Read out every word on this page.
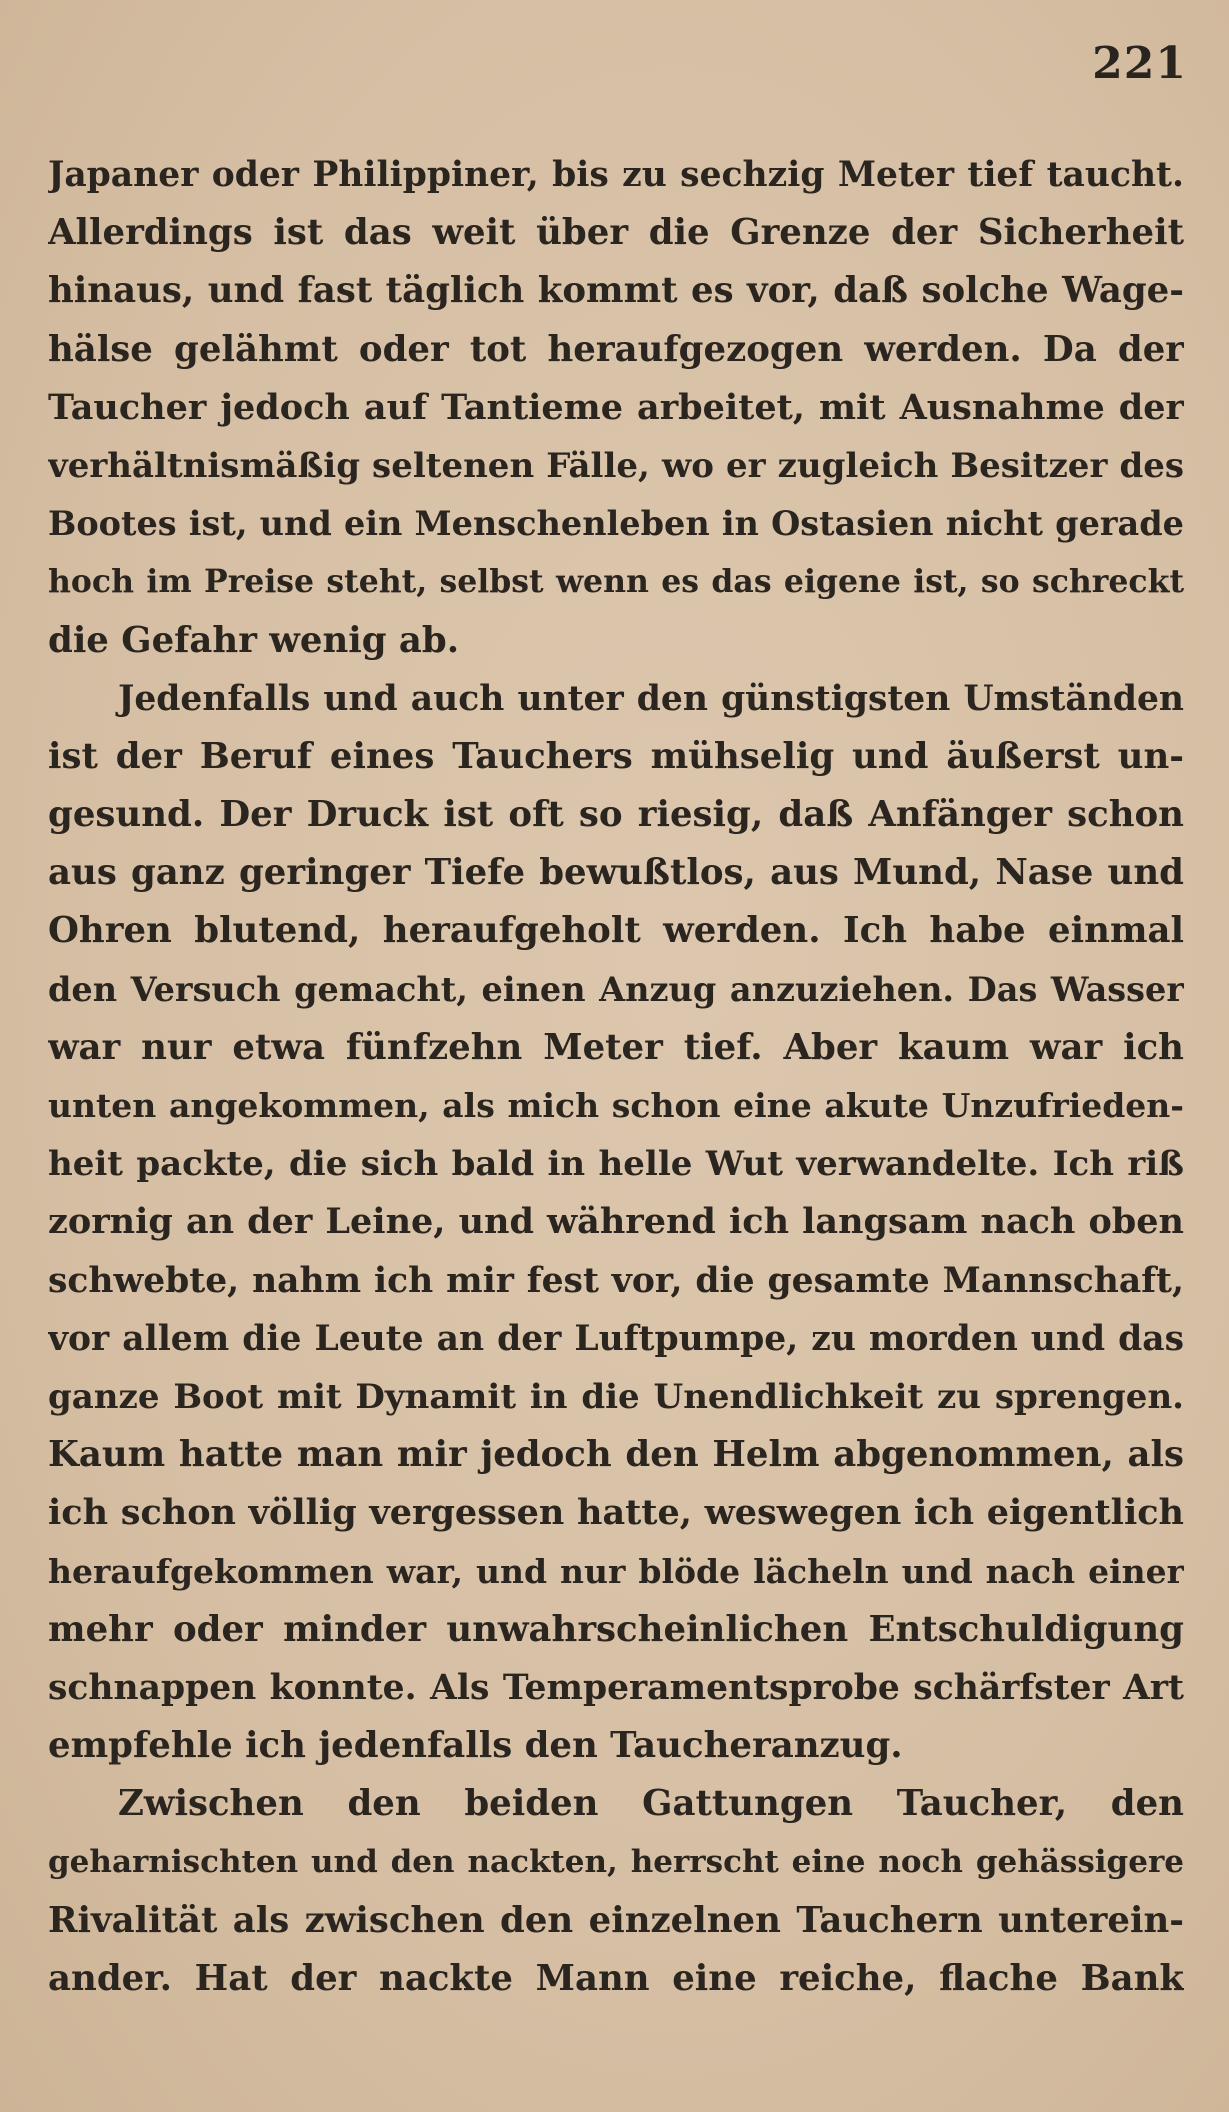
221
Japaner oder Philippiner, bis zu sechzig Meter tief taucht.
Allerdings ist das weit über die Grenze der Sicherheit
hinaus, und fast täglich kommt es vor, daß solche Wage-
hälse gelähmt oder tot heraufgezogen werden. Da der
Taucher jedoch auf Tantieme arbeitet, mit Ausnahme der
verhältnismäßig seltenen Fälle, wo er zugleich Besitzer des
Bootes ist, und ein Menschenleben in Ostasien nicht gerade
hoch im Preise steht, selbst wenn es das eigene ist, so schreckt
die Gefahr wenig ab.
Jedenfalls und auch unter den günstigsten Umständen
ist der Beruf eines Tauchers mühselig und äußerst un-
gesund. Der Druck ist oft so riesig, daß Anfänger schon
aus ganz geringer Tiefe bewußtlos, aus Mund, Nase und
Ohren blutend, heraufgeholt werden. Ich habe einmal
den Versuch gemacht, einen Anzug anzuziehen. Das Wasser
war nur etwa fünfzehn Meter tief. Aber kaum war ich
unten angekommen, als mich schon eine akute Unzufrieden-
heit packte, die sich bald in helle Wut verwandelte. Ich riß
zornig an der Leine, und während ich langsam nach oben
schwebte, nahm ich mir fest vor, die gesamte Mannschaft,
vor allem die Leute an der Luftpumpe, zu morden und das
ganze Boot mit Dynamit in die Unendlichkeit zu sprengen.
Kaum hatte man mir jedoch den Helm abgenommen, als
ich schon völlig vergessen hatte, weswegen ich eigentlich
heraufgekommen war, und nur blöde lächeln und nach einer
mehr oder minder unwahrscheinlichen Entschuldigung
schnappen konnte. Als Temperamentsprobe schärfster Art
empfehle ich jedenfalls den Taucheranzug.
Zwischen den beiden Gattungen Taucher, den
geharnischten und den nackten, herrscht eine noch gehässigere
Rivalität als zwischen den einzelnen Tauchern unterein-
ander. Hat der nackte Mann eine reiche, flache Bank
